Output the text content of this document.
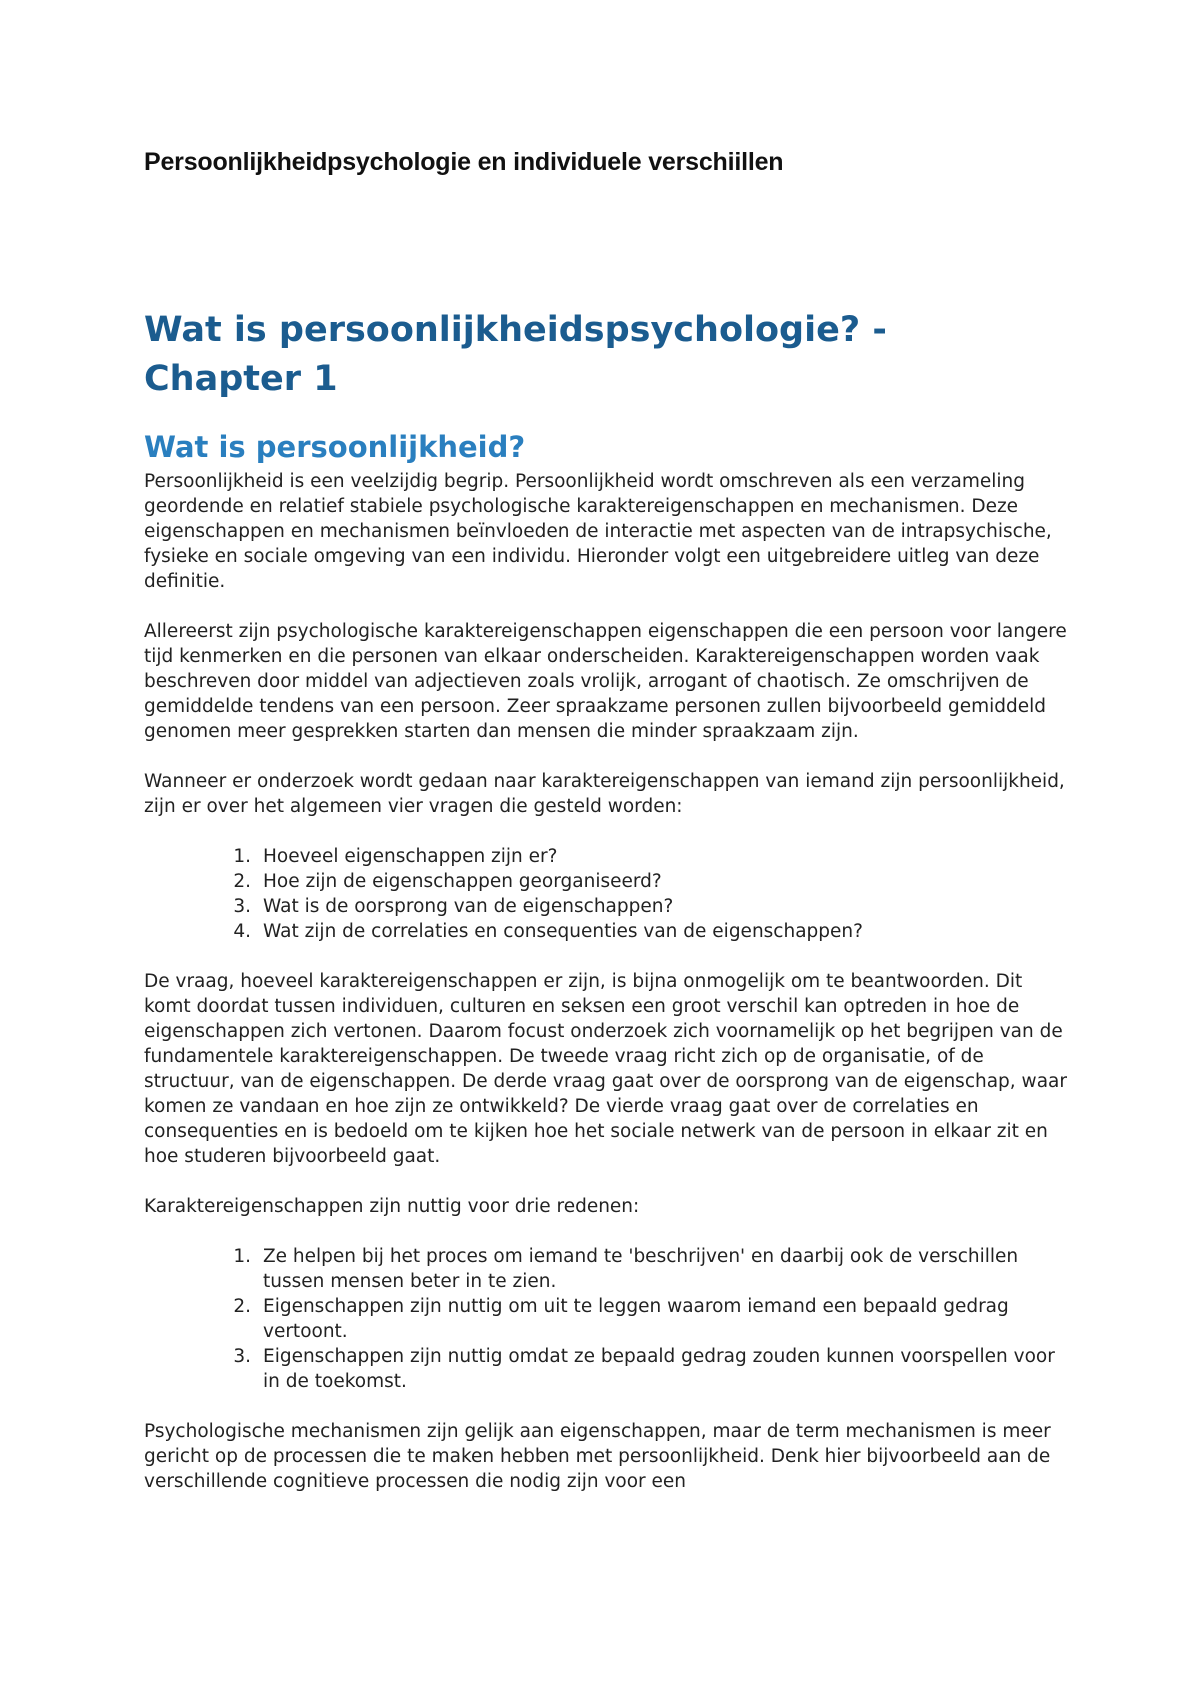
Persoonlijkheidpsychologie en individuele verschiillen
Wat is persoonlijkheidspsychologie? - Chapter 1
Wat is persoonlijkheid?

Persoonlijkheid is een veelzijdig begrip. Persoonlijkheid wordt omschreven als een verzameling geordende en relatief stabiele psychologische karaktereigenschappen en mechanismen. Deze eigenschappen en mechanismen beïnvloeden de interactie met aspecten van de intrapsychische, fysieke en sociale omgeving van een individu. Hieronder volgt een uitgebreidere uitleg van deze definitie.

Allereerst zijn psychologische karaktereigenschappen eigenschappen die een persoon voor langere tijd kenmerken en die personen van elkaar onderscheiden. Karaktereigenschappen worden vaak beschreven door middel van adjectieven zoals vrolijk, arrogant of chaotisch. Ze omschrijven de gemiddelde tendens van een persoon. Zeer spraakzame personen zullen bijvoorbeeld gemiddeld genomen meer gesprekken starten dan mensen die minder spraakzaam zijn.

Wanneer er onderzoek wordt gedaan naar karaktereigenschappen van iemand zijn persoonlijkheid, zijn er over het algemeen vier vragen die gesteld worden:

Hoeveel eigenschappen zijn er?
Hoe zijn de eigenschappen georganiseerd?
Wat is de oorsprong van de eigenschappen?
Wat zijn de correlaties en consequenties van de eigenschappen?

De vraag, hoeveel karaktereigenschappen er zijn, is bijna onmogelijk om te beantwoorden. Dit komt doordat tussen individuen, culturen en seksen een groot verschil kan optreden in hoe de eigenschappen zich vertonen. Daarom focust onderzoek zich voornamelijk op het begrijpen van de fundamentele karaktereigenschappen. De tweede vraag richt zich op de organisatie, of de structuur, van de eigenschappen. De derde vraag gaat over de oorsprong van de eigenschap, waar komen ze vandaan en hoe zijn ze ontwikkeld? De vierde vraag gaat over de correlaties en consequenties en is bedoeld om te kijken hoe het sociale netwerk van de persoon in elkaar zit en hoe studeren bijvoorbeeld gaat.

Karaktereigenschappen zijn nuttig voor drie redenen:

Ze helpen bij het proces om iemand te 'beschrijven' en daarbij ook de verschillen tussen mensen beter in te zien.
Eigenschappen zijn nuttig om uit te leggen waarom iemand een bepaald gedrag vertoont.
Eigenschappen zijn nuttig omdat ze bepaald gedrag zouden kunnen voorspellen voor in de toekomst.

Psychologische mechanismen zijn gelijk aan eigenschappen, maar de term mechanismen is meer gericht op de processen die te maken hebben met persoonlijkheid. Denk hier bijvoorbeeld aan de verschillende cognitieve processen die nodig zijn voor een
